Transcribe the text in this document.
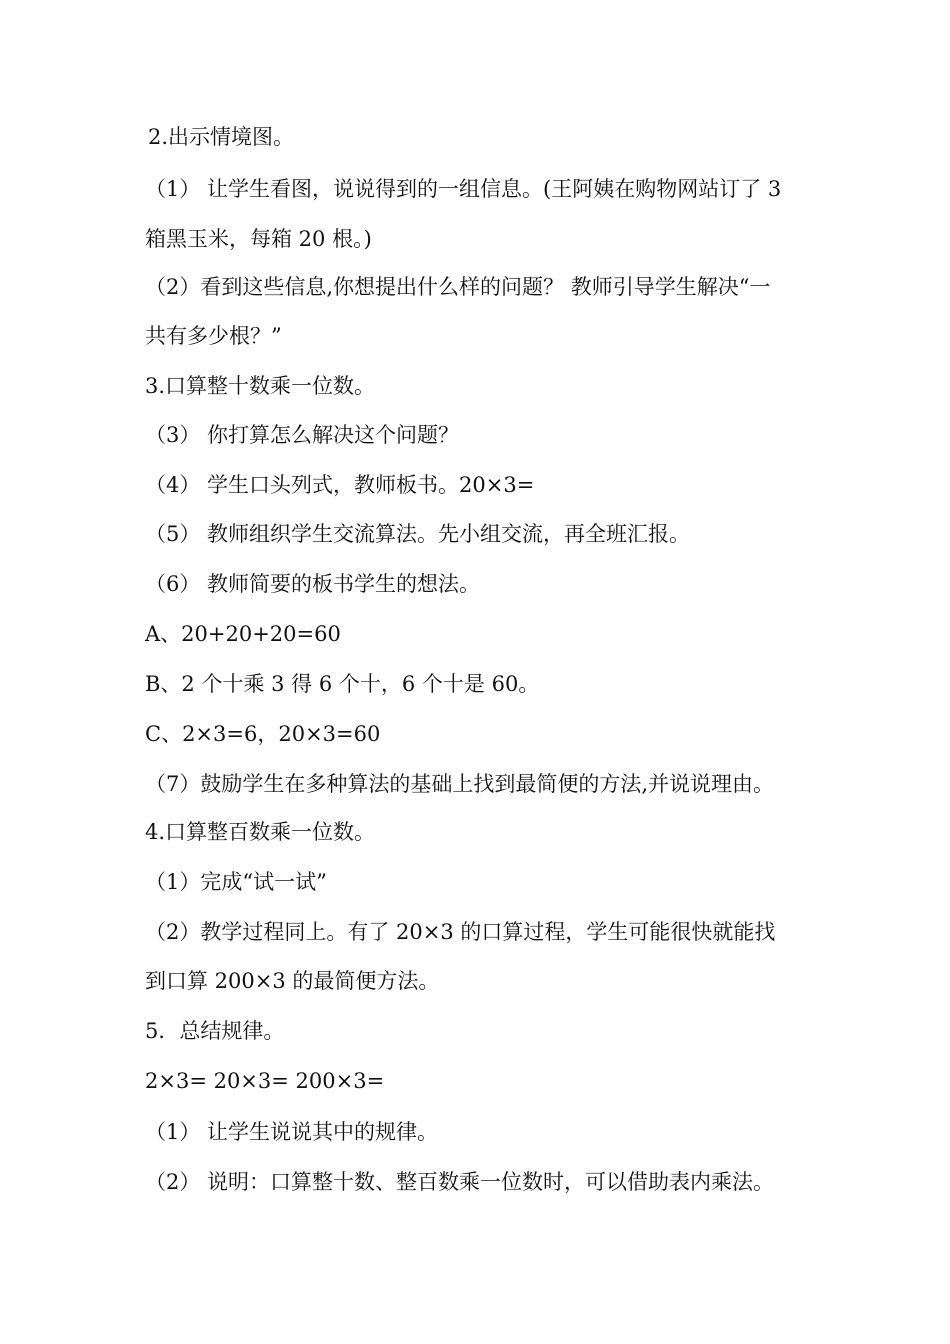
2.出示情境图。
（1） 让学生看图，说说得到的一组信息。(王阿姨在购物网站订了 3
箱黑玉米，每箱 20 根。)
（2）看到这些信息,你想提出什么样的问题？ 教师引导学生解决“一
共有多少根？”
3.口算整十数乘一位数。
（3） 你打算怎么解决这个问题？
（4） 学生口头列式，教师板书。20×3=
（5） 教师组织学生交流算法。先小组交流，再全班汇报。
（6） 教师简要的板书学生的想法。
A、20+20+20=60
B、2 个十乘 3 得 6 个十，6 个十是 60。
C、2×3=6，20×3=60
（7）鼓励学生在多种算法的基础上找到最简便的方法,并说说理由。
4.口算整百数乘一位数。
（1）完成“试一试”
（2）教学过程同上。有了 20×3 的口算过程，学生可能很快就能找
到口算 200×3 的最简便方法。
5．总结规律。
2×3= 20×3= 200×3=
（1） 让学生说说其中的规律。
（2） 说明：口算整十数、整百数乘一位数时，可以借助表内乘法。
